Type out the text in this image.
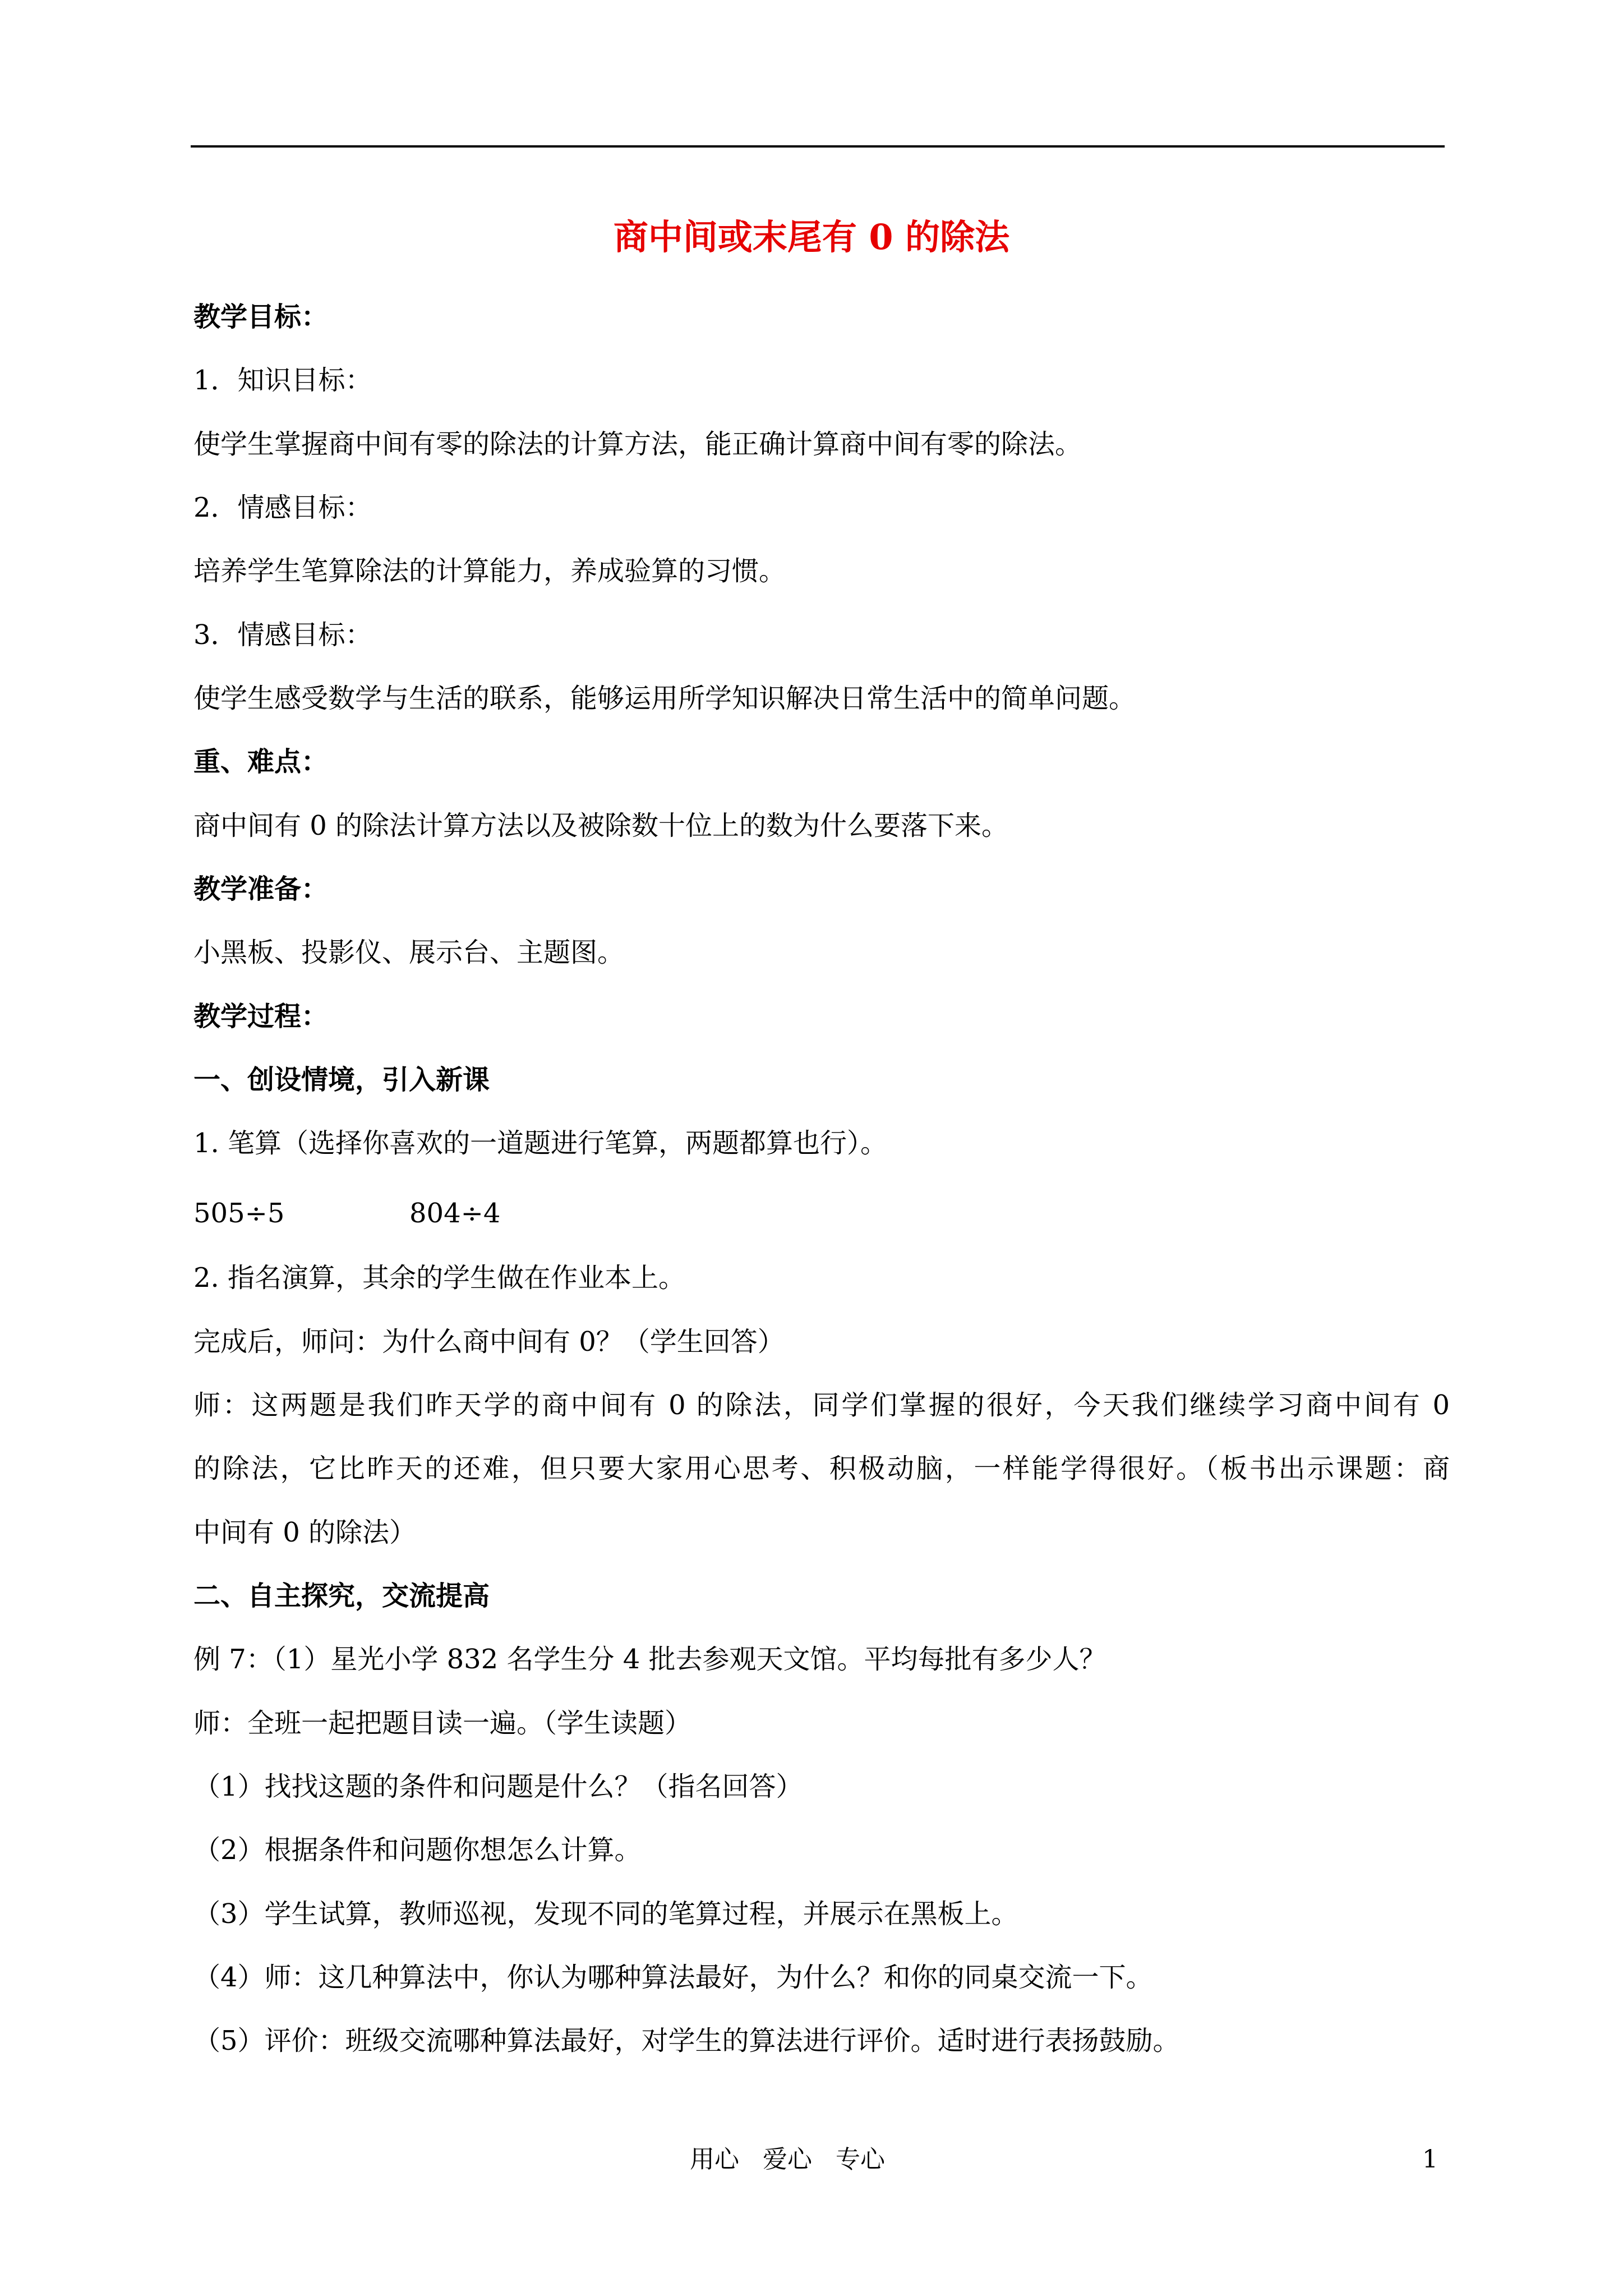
商中间或末尾有 0 的除法
教学目标：
1．知识目标：
使学生掌握商中间有零的除法的计算方法，能正确计算商中间有零的除法。
2．情感目标：
培养学生笔算除法的计算能力，养成验算的习惯。
3．情感目标：
使学生感受数学与生活的联系，能够运用所学知识解决日常生活中的简单问题。
重、难点：
商中间有 0 的除法计算方法以及被除数十位上的数为什么要落下来。
教学准备：
小黑板、投影仪、展示台、主题图。
教学过程：
一、创设情境，引入新课
1. 笔算（选择你喜欢的一道题进行笔算，两题都算也行）。
505÷5	804÷4
2. 指名演算，其余的学生做在作业本上。
完成后，师问：为什么商中间有 0？（学生回答）
师：这两题是我们昨天学的商中间有 0 的除法，同学们掌握的很好，今天我们继续学习商中间有 0
的除法，它比昨天的还难，但只要大家用心思考、积极动脑，一样能学得很好。（板书出示课题：商
中间有 0 的除法）
二、自主探究，交流提高
例 7：（1）星光小学 832 名学生分 4 批去参观天文馆。平均每批有多少人？
师：全班一起把题目读一遍。（学生读题）
（1）找找这题的条件和问题是什么？（指名回答）
（2）根据条件和问题你想怎么计算。
（3）学生试算，教师巡视，发现不同的笔算过程，并展示在黑板上。
（4）师：这几种算法中，你认为哪种算法最好，为什么？和你的同桌交流一下。
（5）评价：班级交流哪种算法最好，对学生的算法进行评价。适时进行表扬鼓励。
用心 爱心 专心	1
